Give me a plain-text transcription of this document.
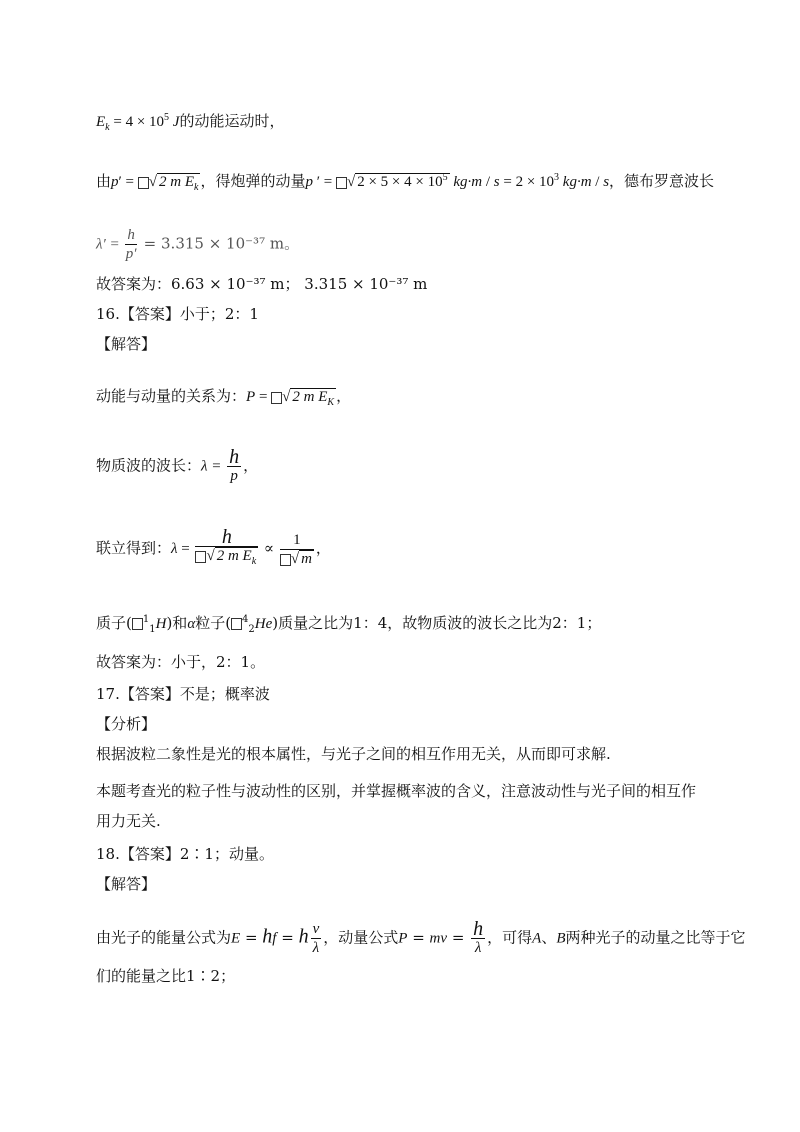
$E_k = 4 \times 10^5$ J的动能运动时，
由p′ = √ 2 m $E_k$ ，得炮弹的动量p ′ = √ $2 \times 5 \times 4 \times 10^5$ $kg\cdot m / s = 2 \times 10^3$ kg·m / s，德布罗意波长
$\lambda' = \frac{h}{p'} = 3.315 \times 10^{-37}$ m。
故答案为：6.63 × 10⁻³⁷ m； 3.315 × 10⁻³⁷ m
16.【答案】小于；2：1
【解答】
动能与动量的关系为：P = √ 2 m $E_K$ ，
物质波的波长：$\lambda = \frac{h}{p}$ ，
联立得到：$\lambda = \frac{h}{√ 2 m E_k} \propto \frac{1}{√ m}$ ，
质子( $^1_1$H)和α粒子( $^4_2$He)质量之比为1：4，故物质波的波长之比为2：1；
故答案为：小于，2：1。
17.【答案】不是；概率波
【分析】
根据波粒二象性是光的根本属性，与光子之间的相互作用无关，从而即可求解.
本题考查光的粒子性与波动性的区别，并掌握概率波的含义，注意波动性与光子间的相互作用力无关.
18.【答案】2∶1；动量。
【解答】
由光子的能量公式为E = hf = h $\frac{\nu}{\lambda}$ ，动量公式P = mv = $\frac{h}{\lambda}$ ，可得A、B两种光子的动量之比等于它
们的能量之比1∶2；
